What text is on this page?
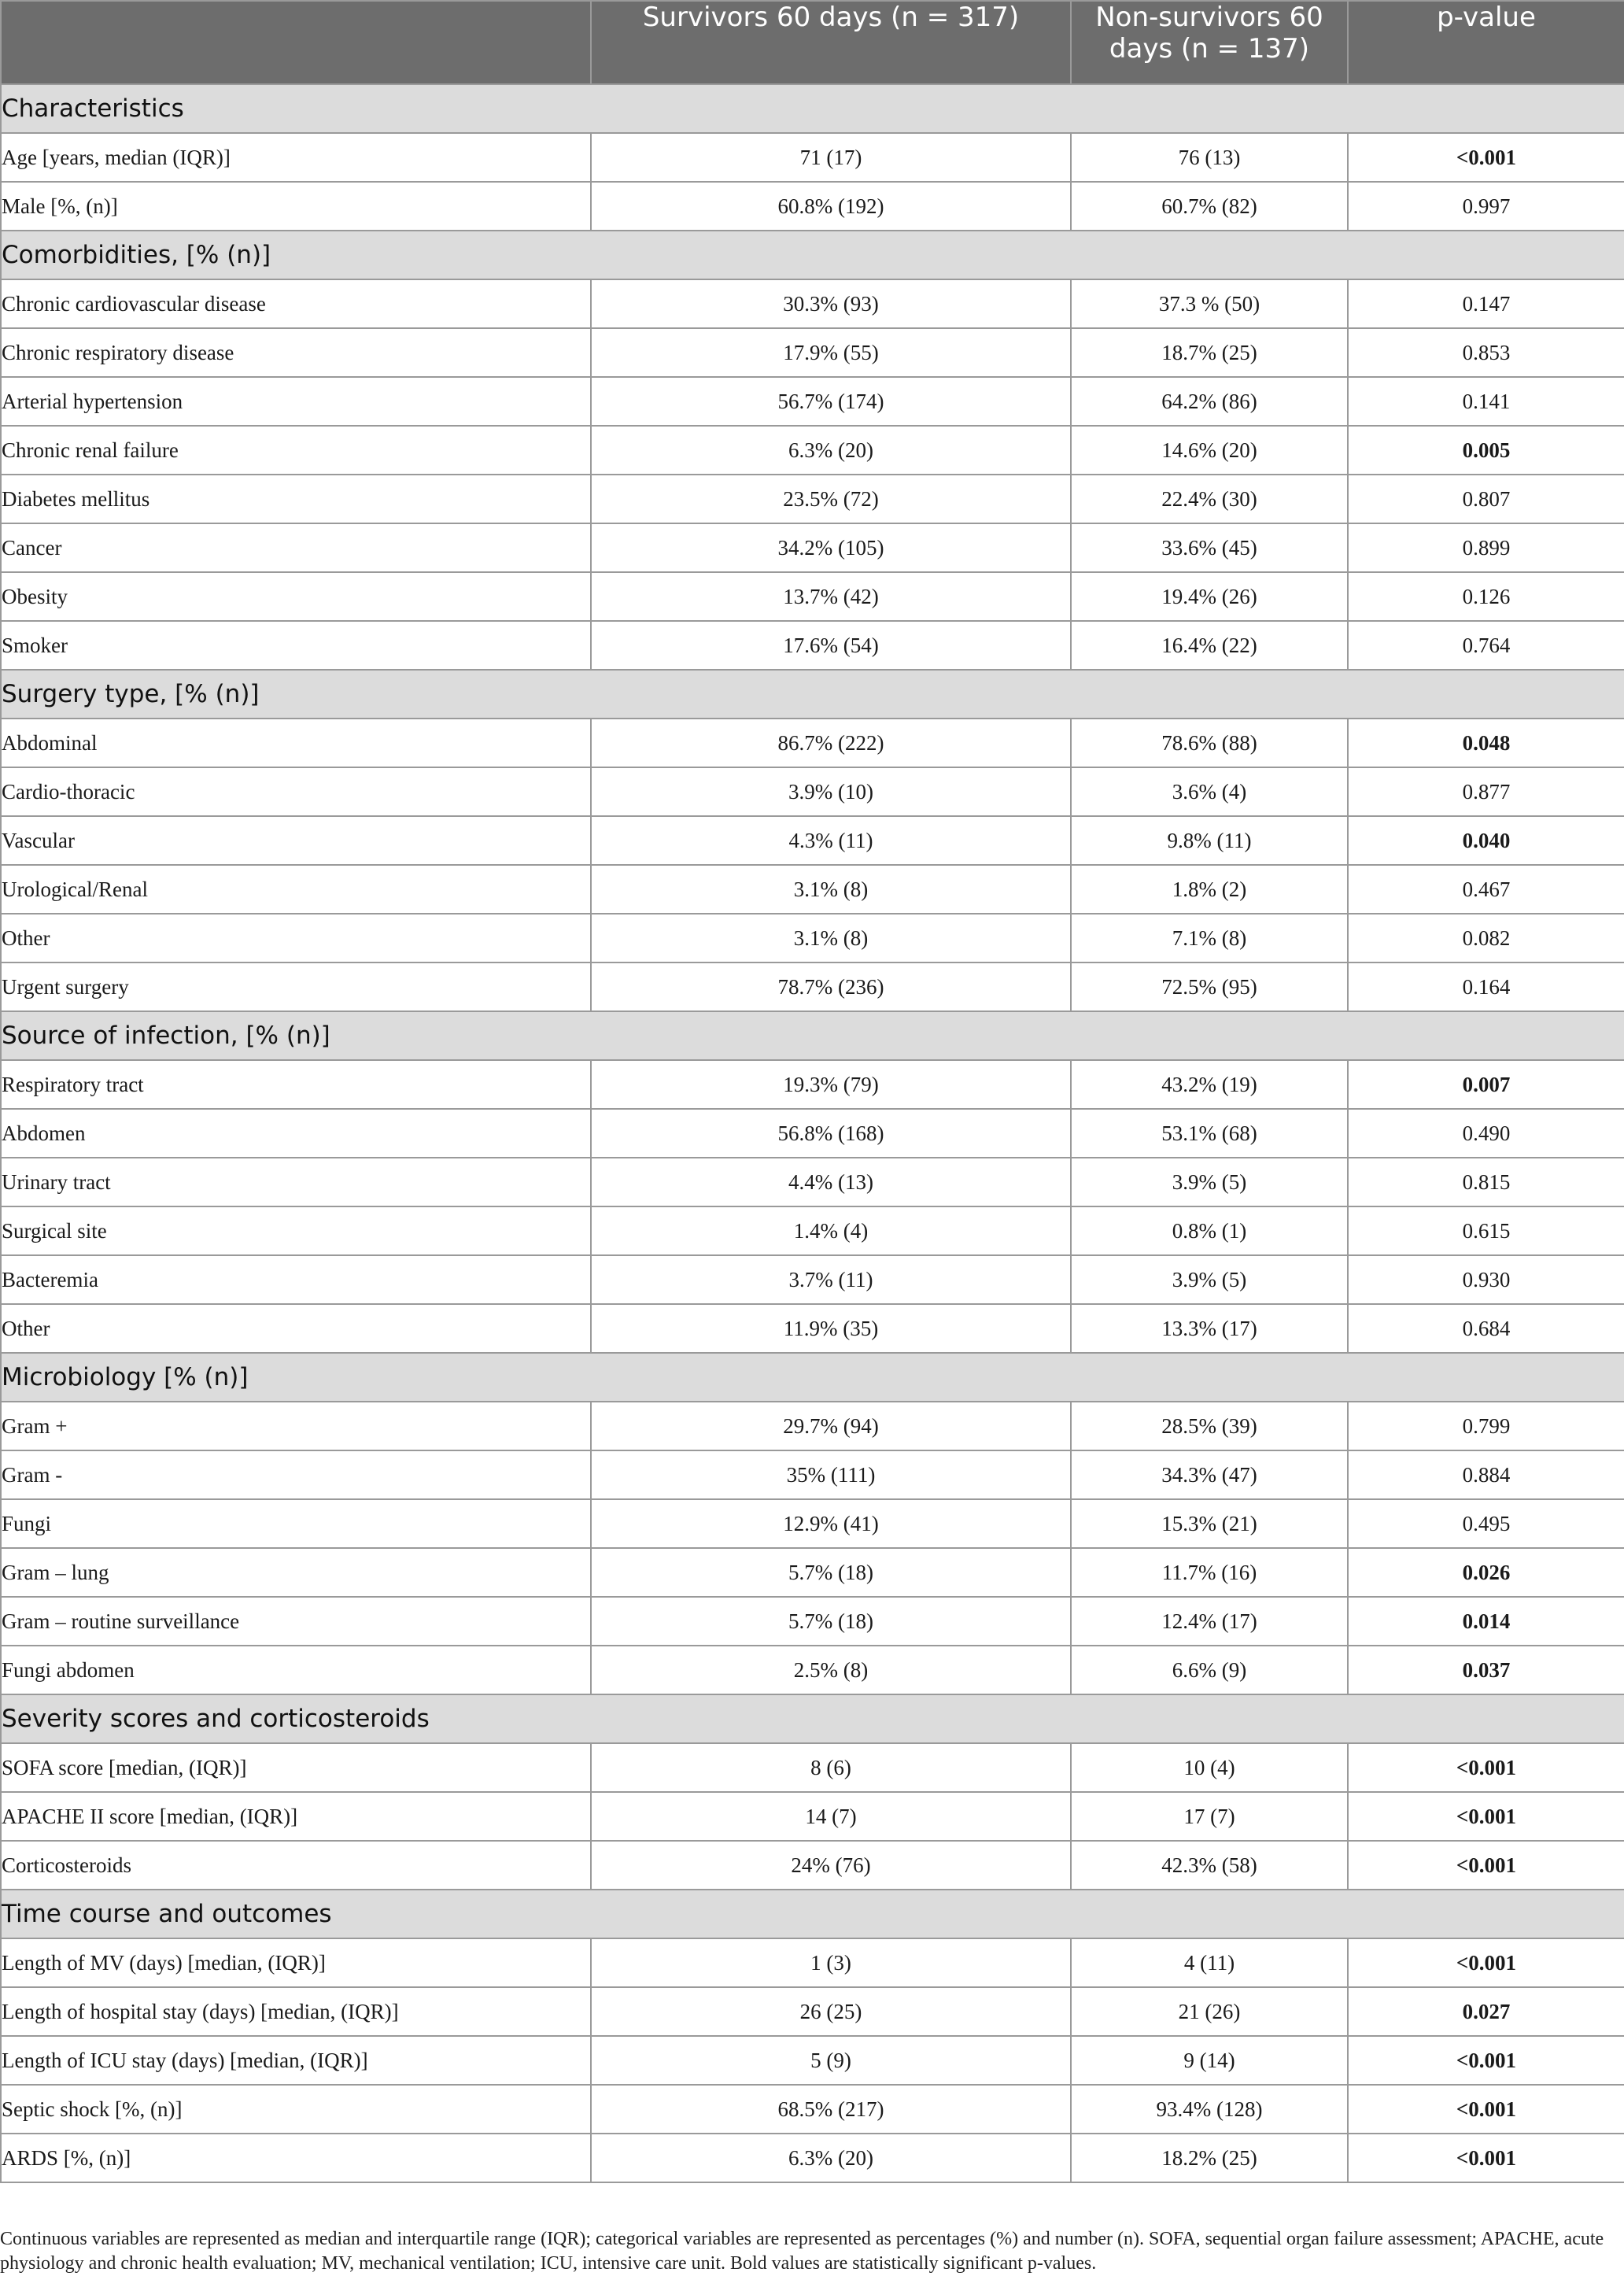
	Survivors 60 days (n = 317)	Non-survivors 60 days (n = 137)	p-value
Characteristics			
Age [years, median (IQR)]	71 (17)	76 (13)	<0.001
Male [%, (n)]	60.8% (192)	60.7% (82)	0.997
Comorbidities, [% (n)]			
Chronic cardiovascular disease	30.3% (93)	37.3 % (50)	0.147
Chronic respiratory disease	17.9% (55)	18.7% (25)	0.853
Arterial hypertension	56.7% (174)	64.2% (86)	0.141
Chronic renal failure	6.3% (20)	14.6% (20)	0.005
Diabetes mellitus	23.5% (72)	22.4% (30)	0.807
Cancer	34.2% (105)	33.6% (45)	0.899
Obesity	13.7% (42)	19.4% (26)	0.126
Smoker	17.6% (54)	16.4% (22)	0.764
Surgery type, [% (n)]			
Abdominal	86.7% (222)	78.6% (88)	0.048
Cardio-thoracic	3.9% (10)	3.6% (4)	0.877
Vascular	4.3% (11)	9.8% (11)	0.040
Urological/Renal	3.1% (8)	1.8% (2)	0.467
Other	3.1% (8)	7.1% (8)	0.082
Urgent surgery	78.7% (236)	72.5% (95)	0.164
Source of infection, [% (n)]			
Respiratory tract	19.3% (79)	43.2% (19)	0.007
Abdomen	56.8% (168)	53.1% (68)	0.490
Urinary tract	4.4% (13)	3.9% (5)	0.815
Surgical site	1.4% (4)	0.8% (1)	0.615
Bacteremia	3.7% (11)	3.9% (5)	0.930
Other	11.9% (35)	13.3% (17)	0.684
Microbiology [% (n)]			
Gram +	29.7% (94)	28.5% (39)	0.799
Gram -	35% (111)	34.3% (47)	0.884
Fungi	12.9% (41)	15.3% (21)	0.495
Gram – lung	5.7% (18)	11.7% (16)	0.026
Gram – routine surveillance	5.7% (18)	12.4% (17)	0.014
Fungi abdomen	2.5% (8)	6.6% (9)	0.037
Severity scores and corticosteroids			
SOFA score [median, (IQR)]	8 (6)	10 (4)	<0.001
APACHE II score [median, (IQR)]	14 (7)	17 (7)	<0.001
Corticosteroids	24% (76)	42.3% (58)	<0.001
Time course and outcomes			
Length of MV (days) [median, (IQR)]	1 (3)	4 (11)	<0.001
Length of hospital stay (days) [median, (IQR)]	26 (25)	21 (26)	0.027
Length of ICU stay (days) [median, (IQR)]	5 (9)	9 (14)	<0.001
Septic shock [%, (n)]	68.5% (217)	93.4% (128)	<0.001
ARDS [%, (n)]	6.3% (20)	18.2% (25)	<0.001
Continuous variables are represented as median and interquartile range (IQR); categorical variables are represented as percentages (%) and number (n). SOFA, sequential organ failure assessment; APACHE, acute physiology and chronic health evaluation; MV, mechanical ventilation; ICU, intensive care unit. Bold values are statistically significant p-values.
